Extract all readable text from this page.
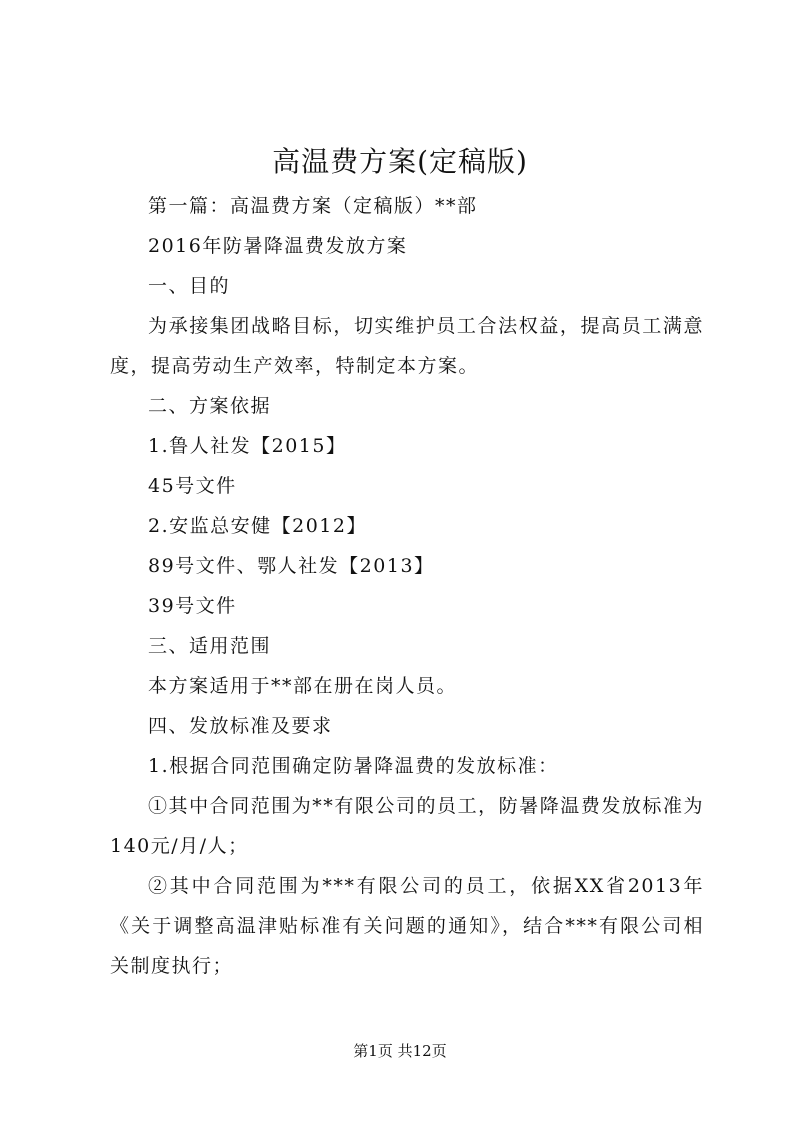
高温费方案(定稿版)

第一篇：高温费方案（定稿版）**部

2016年防暑降温费发放方案

一、目的

为承接集团战略目标，切实维护员工合法权益，提高员工满意度，提高劳动生产效率，特制定本方案。

二、方案依据

1.鲁人社发【2015】

45号文件

2.安监总安健【2012】

89号文件、鄂人社发【2013】

39号文件

三、适用范围

本方案适用于**部在册在岗人员。

四、发放标准及要求

1.根据合同范围确定防暑降温费的发放标准：

①其中合同范围为**有限公司的员工，防暑降温费发放标准为140元/月/人；

②其中合同范围为***有限公司的员工，依据XX省2013年《关于调整高温津贴标准有关问题的通知》，结合***有限公司相关制度执行；

第1页 共12页
